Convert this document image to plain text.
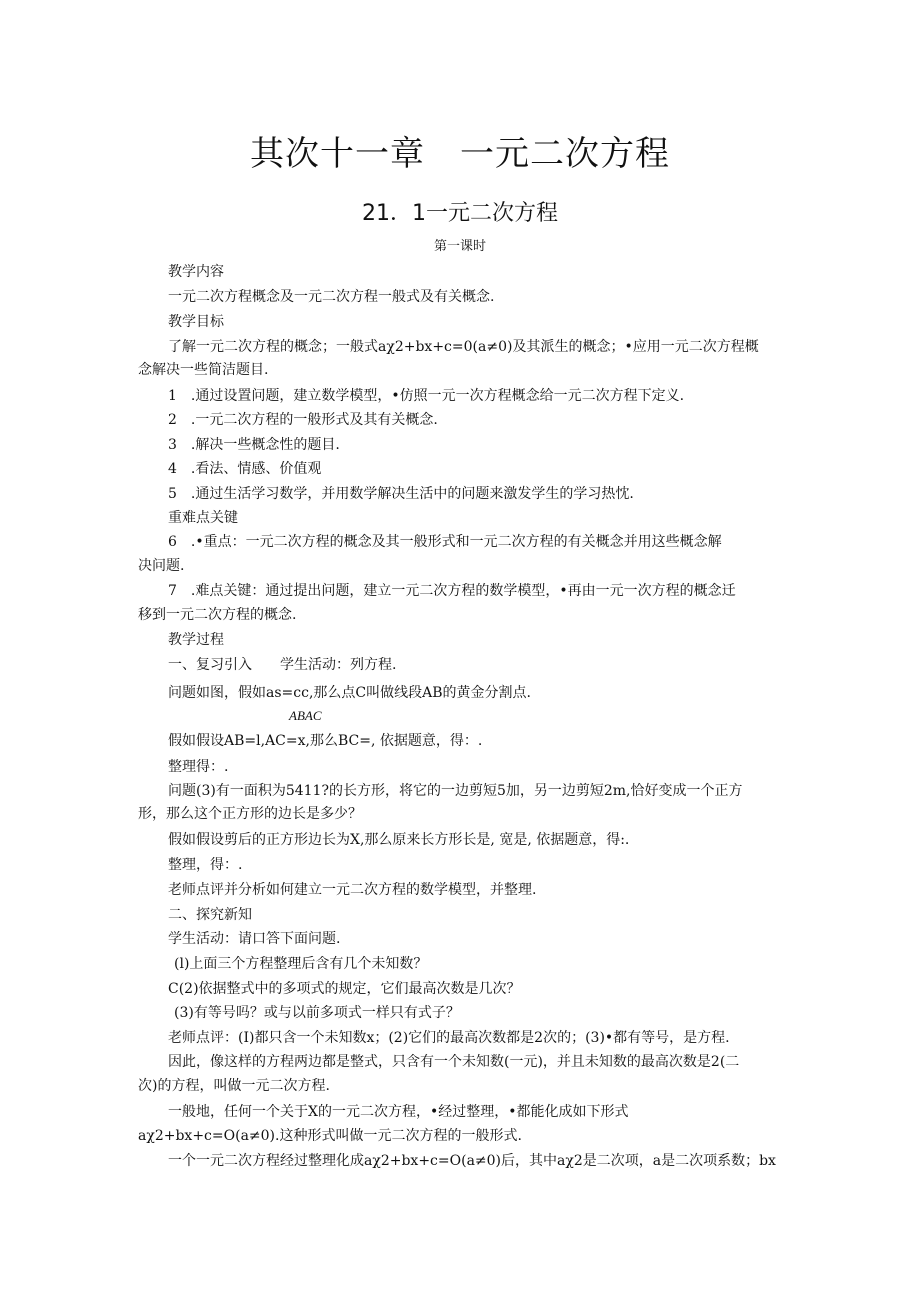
其次十一章　一元二次方程
21．1一元二次方程
第一课时
教学内容
一元二次方程概念及一元二次方程一般式及有关概念.
教学目标
了解一元二次方程的概念；一般式aχ2+bx+c=0(a≠0)及其派生的概念；•应用一元二次方程概
念解决一些简洁题目.
1　.通过设置问题，建立数学模型，•仿照一元一次方程概念给一元二次方程下定义.
2　.一元二次方程的一般形式及其有关概念.
3　.解决一些概念性的题目.
4　.看法、情感、价值观
5　.通过生活学习数学，并用数学解决生活中的问题来激发学生的学习热忱.
重难点关键
6　.•重点：一元二次方程的概念及其一般形式和一元二次方程的有关概念并用这些概念解
决问题.
7　.难点关键：通过提出问题，建立一元二次方程的数学模型，•再由一元一次方程的概念迁
移到一元二次方程的概念.
教学过程
一、复习引入　　学生活动：列方程.
问题如图，假如as=cc,那么点C叫做线段AB的黄金分割点.
ABAC
假如假设AB=l,AC=x,那么BC=, 依据题意，得：.
整理得：.
问题(3)有一面积为5411?的长方形，将它的一边剪短5加，另一边剪短2m,恰好变成一个正方
形，那么这个正方形的边长是多少？
假如假设剪后的正方形边长为X,那么原来长方形长是, 宽是, 依据题意，得:.
整理，得：.
老师点评并分析如何建立一元二次方程的数学模型，并整理.
二、探究新知
学生活动：请口答下面问题.
(l)上面三个方程整理后含有几个未知数？
C(2)依据整式中的多项式的规定，它们最高次数是几次？
(3)有等号吗？或与以前多项式一样只有式子？
老师点评：(I)都只含一个未知数x；(2)它们的最高次数都是2次的；(3)•都有等号，是方程.
因此，像这样的方程两边都是整式，只含有一个未知数(一元)，并且未知数的最高次数是2(二
次)的方程，叫做一元二次方程.
一般地，任何一个关于X的一元二次方程，•经过整理，•都能化成如下形式
aχ2+bx+c=O(a≠0).这种形式叫做一元二次方程的一般形式.
一个一元二次方程经过整理化成aχ2+bx+c=O(a≠0)后，其中aχ2是二次项，a是二次项系数；bx
